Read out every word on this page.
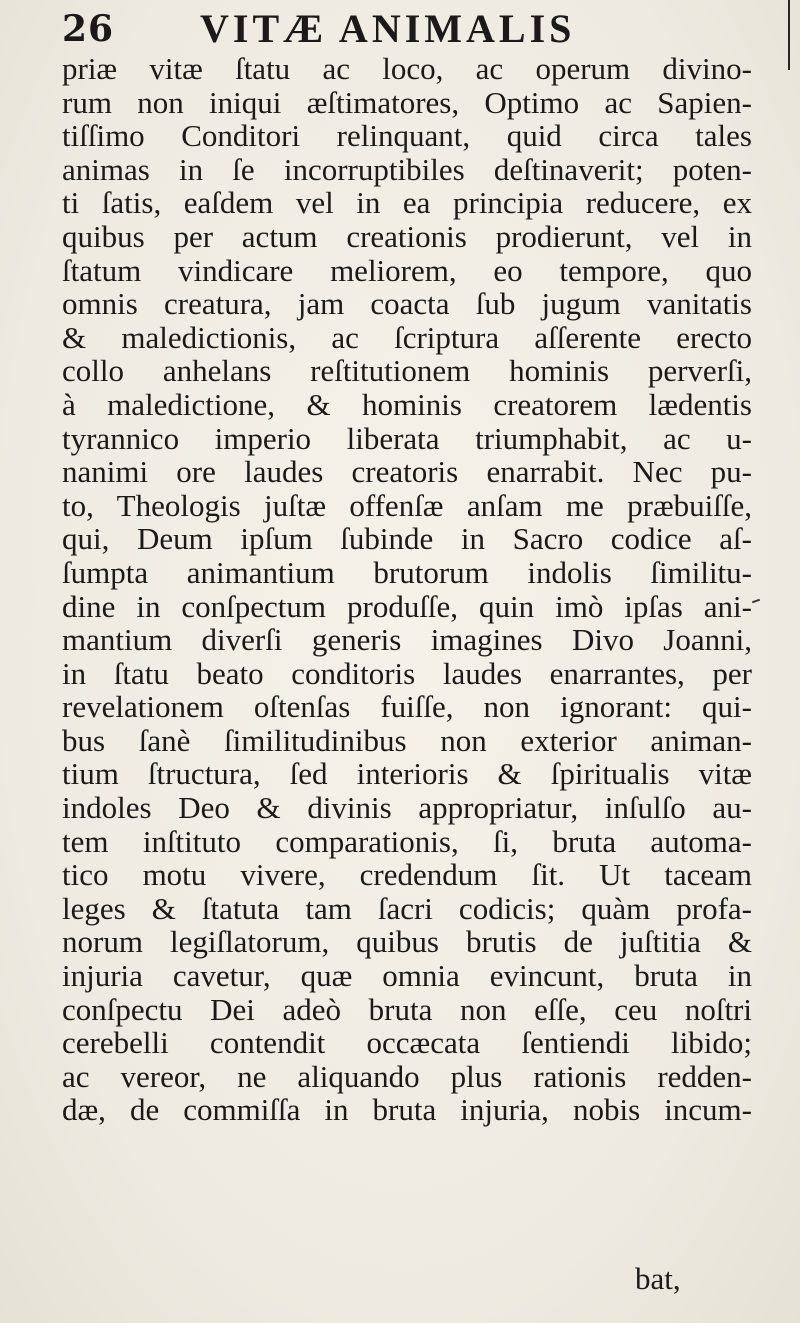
26 VITÆ ANIMALIS
priæ vitæ ſtatu ac loco, ac operum divino-
rum non iniqui æſtimatores, Optimo ac Sapien-
tiſſimo Conditori relinquant, quid circa tales
animas in ſe incorruptibiles deſtinaverit; poten-
ti ſatis, eaſdem vel in ea principia reducere, ex
quibus per actum creationis prodierunt, vel in
ſtatum vindicare meliorem, eo tempore, quo
omnis creatura, jam coacta ſub jugum vanitatis
& maledictionis, ac ſcriptura aſſerente erecto
collo anhelans reſtitutionem hominis perverſi,
à maledictione, & hominis creatorem lædentis
tyrannico imperio liberata triumphabit, ac u-
nanimi ore laudes creatoris enarrabit. Nec pu-
to, Theologis juſtæ offenſæ anſam me præbuiſſe,
qui, Deum ipſum ſubinde in Sacro codice aſ-
ſumpta animantium brutorum indolis ſimilitu-
dine in conſpectum produſſe, quin imò ipſas ani-
mantium diverſi generis imagines Divo Joanni,
in ſtatu beato conditoris laudes enarrantes, per
revelationem oſtenſas fuiſſe, non ignorant: qui-
bus ſanè ſimilitudinibus non exterior animan-
tium ſtructura, ſed interioris & ſpiritualis vitæ
indoles Deo & divinis appropriatur, inſulſo au-
tem inſtituto comparationis, ſi, bruta automa-
tico motu vivere, credendum ſit. Ut taceam
leges & ſtatuta tam ſacri codicis; quàm profa-
norum legiſlatorum, quibus brutis de juſtitia &
injuria cavetur, quæ omnia evincunt, bruta in
conſpectu Dei adeò bruta non eſſe, ceu noſtri
cerebelli contendit occæcata ſentiendi libido;
ac vereor, ne aliquando plus rationis redden-
dæ, de commiſſa in bruta injuria, nobis incum-
bat,
